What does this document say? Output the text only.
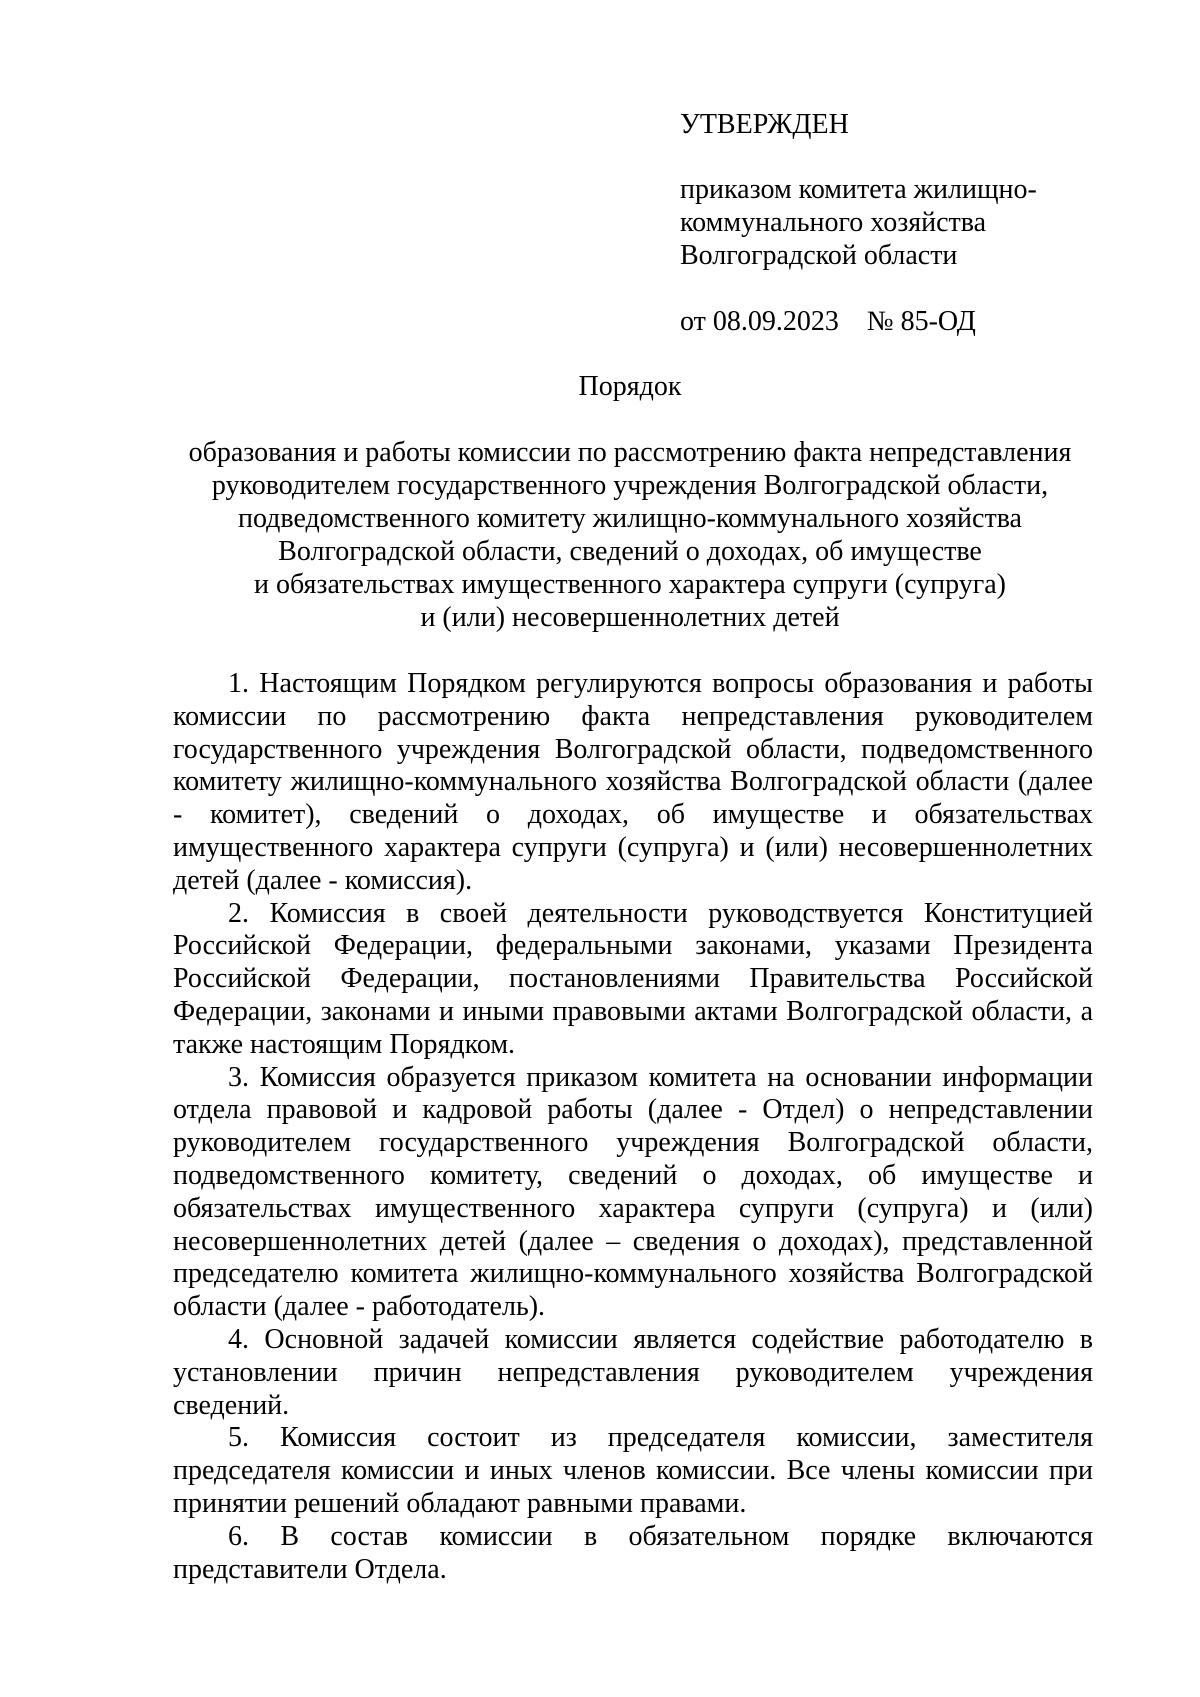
УТВЕРЖДЕН

приказом комитета жилищно-
коммунального хозяйства
Волгоградской области

от 08.09.2023    № 85-ОД

Порядок
образования и работы комиссии по рассмотрению факта непредставления
руководителем государственного учреждения Волгоградской области,
подведомственного комитету жилищно-коммунального хозяйства
Волгоградской области, сведений о доходах, об имуществе
и обязательствах имущественного характера супруги (супруга)
и (или) несовершеннолетних детей

1. Настоящим Порядком регулируются вопросы образования и работы комиссии по рассмотрению факта непредставления руководителем государственного учреждения Волгоградской области, подведомственного комитету жилищно-коммунального хозяйства Волгоградской области (далее - комитет), сведений о доходах, об имуществе и обязательствах имущественного характера супруги (супруга) и (или) несовершеннолетних детей (далее - комиссия).

2. Комиссия в своей деятельности руководствуется Конституцией Российской Федерации, федеральными законами, указами Президента Российской Федерации, постановлениями Правительства Российской Федерации, законами и иными правовыми актами Волгоградской области, а также настоящим Порядком.

3. Комиссия образуется приказом комитета на основании информации отдела правовой и кадровой работы (далее - Отдел) о непредставлении руководителем государственного учреждения Волгоградской области, подведомственного комитету, сведений о доходах, об имуществе и обязательствах имущественного характера супруги (супруга) и (или) несовершеннолетних детей (далее – сведения о доходах), представленной председателю комитета жилищно-коммунального хозяйства Волгоградской области (далее - работодатель).

4. Основной задачей комиссии является содействие работодателю в установлении причин непредставления руководителем учреждения сведений.

5. Комиссия состоит из председателя комиссии, заместителя председателя комиссии и иных членов комиссии. Все члены комиссии при принятии решений обладают равными правами.

6. В состав комиссии в обязательном порядке включаются представители Отдела.
